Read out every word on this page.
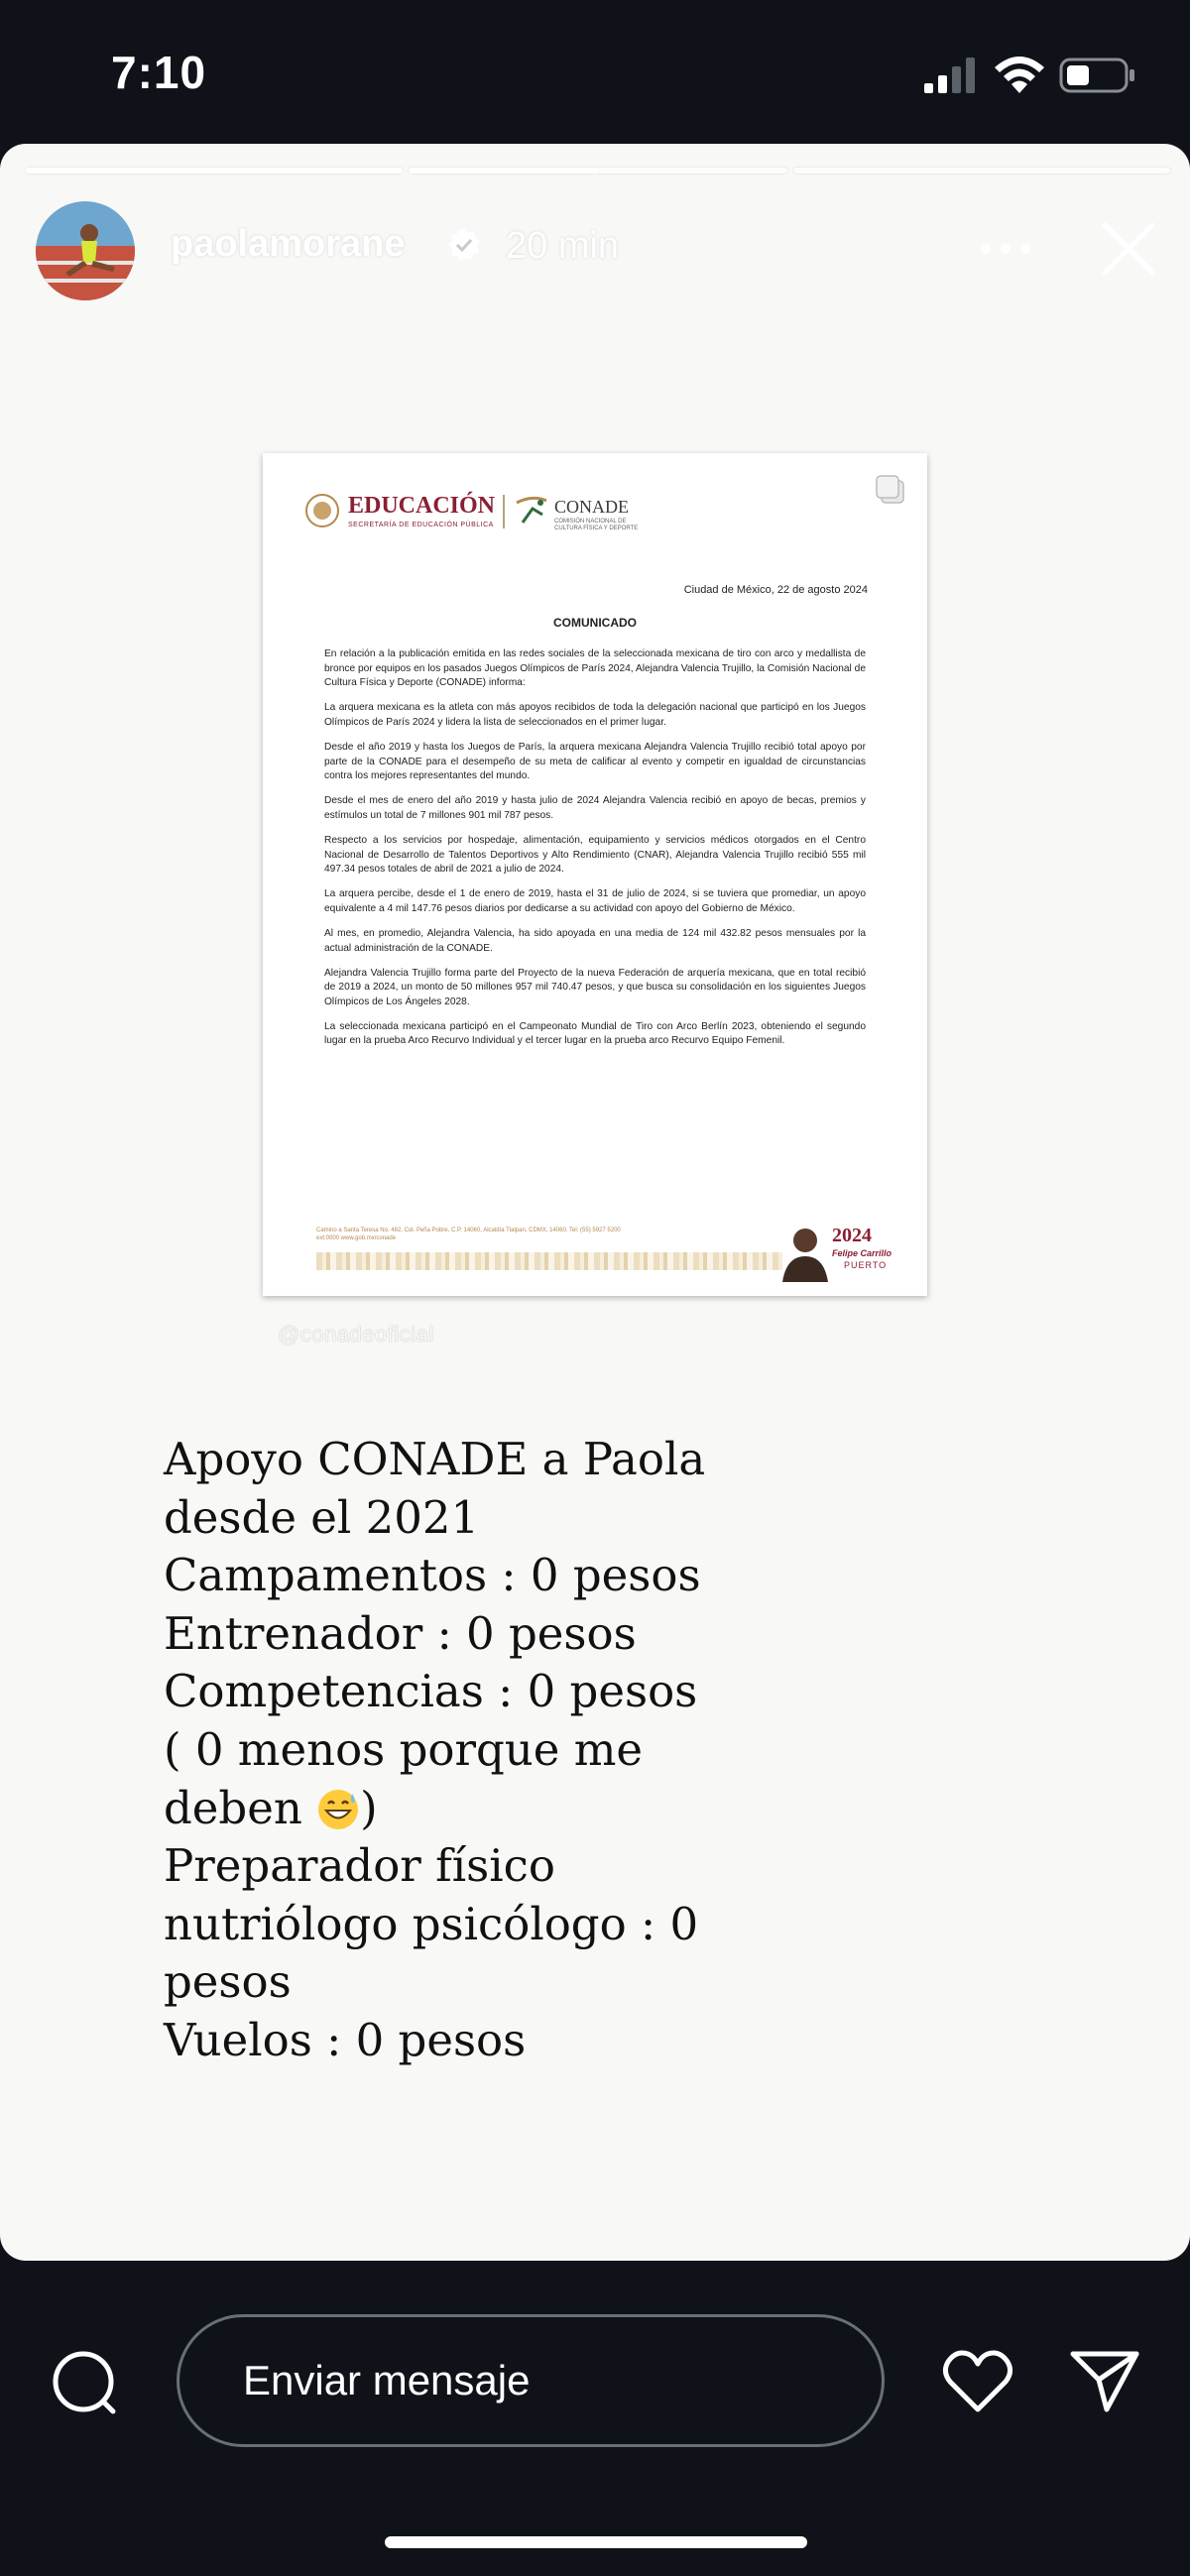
7:10
paolamorane	20 min
EDUCACIÓN
SECRETARÍA DE EDUCACIÓN PÚBLICA
CONADE
COMISIÓN NACIONAL DE CULTURA FÍSICA Y DEPORTE
Ciudad de México, 22 de agosto 2024
COMUNICADO

En relación a la publicación emitida en las redes sociales de la seleccionada mexicana de tiro con arco y medallista de bronce por equipos en los pasados Juegos Olímpicos de París 2024, Alejandra Valencia Trujillo, la Comisión Nacional de Cultura Física y Deporte (CONADE) informa:

La arquera mexicana es la atleta con más apoyos recibidos de toda la delegación nacional que participó en los Juegos Olímpicos de París 2024 y lidera la lista de seleccionados en el primer lugar.

Desde el año 2019 y hasta los Juegos de París, la arquera mexicana Alejandra Valencia Trujillo recibió total apoyo por parte de la CONADE para el desempeño de su meta de calificar al evento y competir en igualdad de circunstancias contra los mejores representantes del mundo.

Desde el mes de enero del año 2019 y hasta julio de 2024 Alejandra Valencia recibió en apoyo de becas, premios y estímulos un total de 7 millones 901 mil 787 pesos.

Respecto a los servicios por hospedaje, alimentación, equipamiento y servicios médicos otorgados en el Centro Nacional de Desarrollo de Talentos Deportivos y Alto Rendimiento (CNAR), Alejandra Valencia Trujillo recibió 555 mil 497.34 pesos totales de abril de 2021 a julio de 2024.

La arquera percibe, desde el 1 de enero de 2019, hasta el 31 de julio de 2024, si se tuviera que promediar, un apoyo equivalente a 4 mil 147.76 pesos diarios por dedicarse a su actividad con apoyo del Gobierno de México.

Al mes, en promedio, Alejandra Valencia, ha sido apoyada en una media de 124 mil 432.82 pesos mensuales por la actual administración de la CONADE.

Alejandra Valencia Trujillo forma parte del Proyecto de la nueva Federación de arquería mexicana, que en total recibió de 2019 a 2024, un monto de 50 millones 957 mil 740.47 pesos, y que busca su consolidación en los siguientes Juegos Olímpicos de Los Ángeles 2028.

La seleccionada mexicana participó en el Campeonato Mundial de Tiro con Arco Berlín 2023, obteniendo el segundo lugar en la prueba Arco Recurvo Individual y el tercer lugar en la prueba arco Recurvo Equipo Femenil.

Camino a Santa Teresa No. 482, Col. Peña Pobre, C.P. 14060, Alcaldía Tlalpan, CDMX, 14060. Tel: (55) 5927 5200 ext:0000 www.gob.mx/conade	2024
Felipe Carrillo
PUERTO
@conadeoficial
Apoyo CONADE a Paola
desde el 2021
Campamentos : 0 pesos
Entrenador : 0 pesos
Competencias : 0 pesos
( 0 menos porque me
deben )
Preparador físico
nutriólogo psicólogo : 0
pesos
Vuelos : 0 pesos
Enviar mensaje
